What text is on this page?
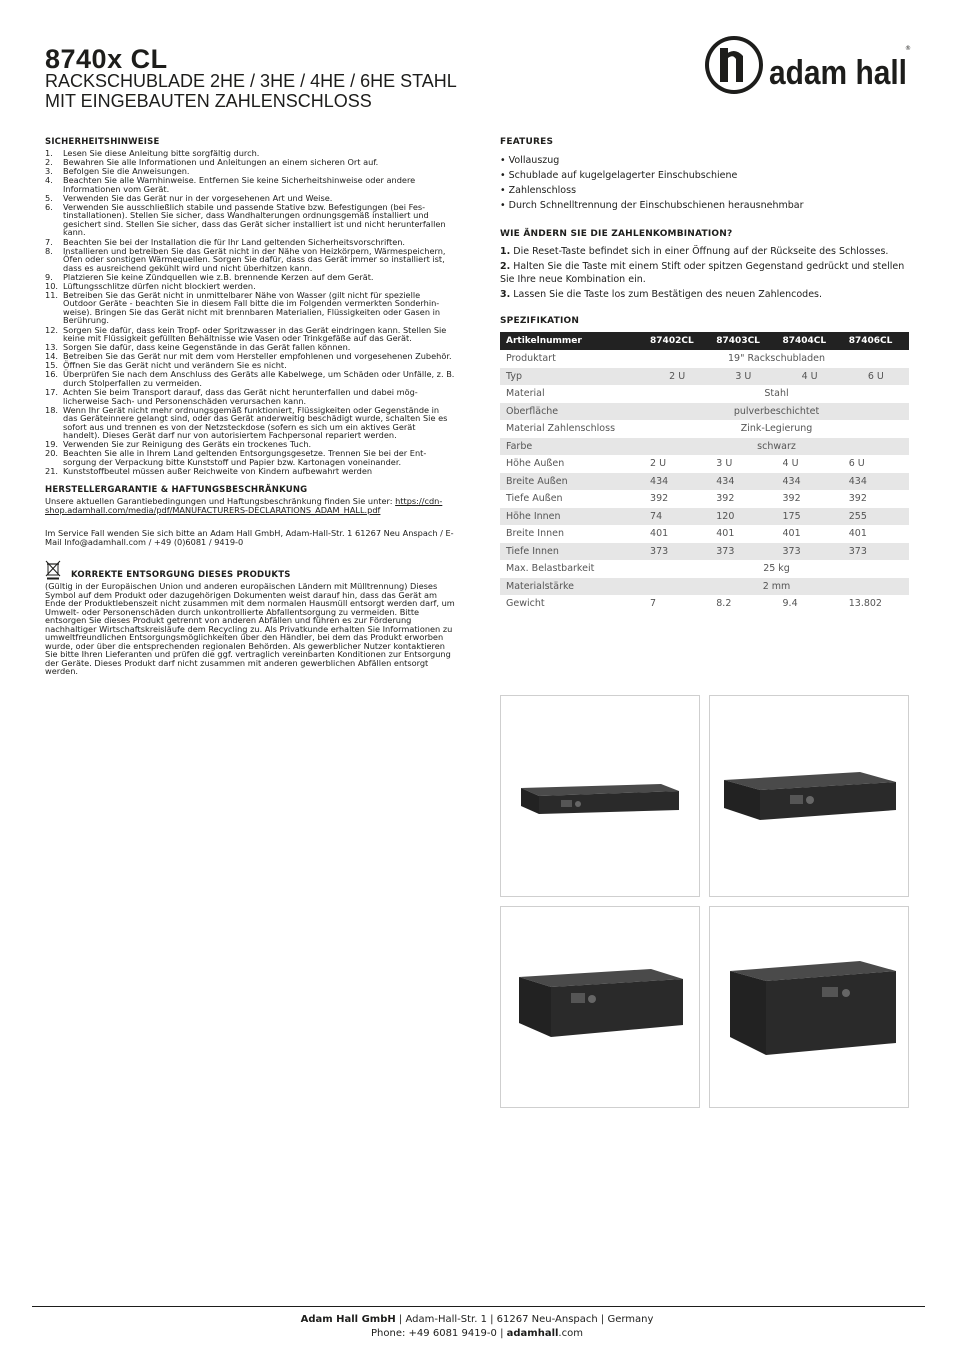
8740x CL
RACKSCHUBLADE 2HE / 3HE / 4HE / 6HE STAHL
MIT EINGEBAUTEN ZAHLENSCHLOSS
adam hall
®
SICHERHEITSHINWEISE
1.	Lesen Sie diese Anleitung bitte sorgfältig durch.
2.	Bewahren Sie alle Informationen und Anleitungen an einem sicheren Ort auf.
3.	Befolgen Sie die Anweisungen.
4.	Beachten Sie alle Warnhinweise. Entfernen Sie keine Sicherheitshinweise oder andere Informationen vom Gerät.
5.	Verwenden Sie das Gerät nur in der vorgesehenen Art und Weise.
6.	Verwenden Sie ausschließlich stabile und passende Stative bzw. Befestigungen (bei Fes-tinstallationen). Stellen Sie sicher, dass Wandhalterungen ordnungsgemäß installiert und gesichert sind. Stellen Sie sicher, dass das Gerät sicher installiert ist und nicht herunterfallen kann.
7.	Beachten Sie bei der Installation die für Ihr Land geltenden Sicherheitsvorschriften.
8.	Installieren und betreiben Sie das Gerät nicht in der Nähe von Heizkörpern, Wärmespeichern, Öfen oder sonstigen Wärmequellen. Sorgen Sie dafür, dass das Gerät immer so installiert ist, dass es ausreichend gekühlt wird und nicht überhitzen kann.
9.	Platzieren Sie keine Zündquellen wie z.B. brennende Kerzen auf dem Gerät.
10. Lüftungsschlitze dürfen nicht blockiert werden.
11. Betreiben Sie das Gerät nicht in unmittelbarer Nähe von Wasser (gilt nicht für spezielle Outdoor Geräte - beachten Sie in diesem Fall bitte die im Folgenden vermerkten Sonderhin-weise). Bringen Sie das Gerät nicht mit brennbaren Materialien, Flüssigkeiten oder Gasen in Berührung.
12. Sorgen Sie dafür, dass kein Tropf- oder Spritzwasser in das Gerät eindringen kann. Stellen Sie keine mit Flüssigkeit gefüllten Behältnisse wie Vasen oder Trinkgefäße auf das Gerät.
13. Sorgen Sie dafür, dass keine Gegenstände in das Gerät fallen können.
14. Betreiben Sie das Gerät nur mit dem vom Hersteller empfohlenen und vorgesehenen Zubehör.
15. Öffnen Sie das Gerät nicht und verändern Sie es nicht.
16. Überprüfen Sie nach dem Anschluss des Geräts alle Kabelwege, um Schäden oder Unfälle, z. B. durch Stolperfallen zu vermeiden.
17. Achten Sie beim Transport darauf, dass das Gerät nicht herunterfallen und dabei mög-licherweise Sach- und Personenschäden verursachen kann.
18. Wenn Ihr Gerät nicht mehr ordnungsgemäß funktioniert, Flüssigkeiten oder Gegenstände in das Geräteinnere gelangt sind, oder das Gerät anderweitig beschädigt wurde, schalten Sie es sofort aus und trennen es von der Netzsteckdose (sofern es sich um ein aktives Gerät handelt). Dieses Gerät darf nur von autorisiertem Fachpersonal repariert werden.
19. Verwenden Sie zur Reinigung des Geräts ein trockenes Tuch.
20. Beachten Sie alle in Ihrem Land geltenden Entsorgungsgesetze. Trennen Sie bei der Ent-sorgung der Verpackung bitte Kunststoff und Papier bzw. Kartonagen voneinander.
21. Kunststoffbeutel müssen außer Reichweite von Kindern aufbewahrt werden
HERSTELLERGARANTIE & HAFTUNGSBESCHRÄNKUNG
Unsere aktuellen Garantiebedingungen und Haftungsbeschränkung finden Sie unter: https://cdn-shop.adamhall.com/media/pdf/MANUFACTURERS-DECLARATIONS_ADAM_HALL.pdf
Im Service Fall wenden Sie sich bitte an Adam Hall GmbH, Adam-Hall-Str. 1 61267 Neu Anspach / E-Mail Info@adamhall.com / +49 (0)6081 / 9419-0
KORREKTE ENTSORGUNG DIESES PRODUKTS
(Gültig in der Europäischen Union und anderen europäischen Ländern mit Mülltrennung) Dieses Symbol auf dem Produkt oder dazugehörigen Dokumenten weist darauf hin, dass das Gerät am Ende der Produktlebenszeit nicht zusammen mit dem normalen Hausmüll entsorgt werden darf, um Umwelt- oder Personenschäden durch unkontrollierte Abfallentsorgung zu vermeiden. Bitte entsorgen Sie dieses Produkt getrennt von anderen Abfällen und führen es zur Förderung nachhaltiger Wirtschaftskreisläufe dem Recycling zu. Als Privatkunde erhalten Sie Informationen zu umweltfreundlichen Entsorgungsmöglichkeiten über den Händler, bei dem das Produkt erworben wurde, oder über die entsprechenden regionalen Behörden. Als gewerblicher Nutzer kontaktieren Sie bitte Ihren Lieferanten und prüfen die ggf. vertraglich vereinbarten Konditionen zur Entsorgung der Geräte. Dieses Produkt darf nicht zusammen mit anderen gewerblichen Abfällen entsorgt werden.
FEATURES
• Vollauszug
• Schublade auf kugelgelagerter Einschubschiene
• Zahlenschloss
• Durch Schnelltrennung der Einschubschienen herausnehmbar
WIE ÄNDERN SIE DIE ZAHLENKOMBINATION?
1. Die Reset-Taste befindet sich in einer Öffnung auf der Rückseite des Schlosses.
2. Halten Sie die Taste mit einem Stift oder spitzen Gegenstand gedrückt und stellen Sie Ihre neue Kombination ein.
3. Lassen Sie die Taste los zum Bestätigen des neuen Zahlencodes.
SPEZIFIKATION
Artikelnummer	87402CL	87403CL	87404CL	87406CL
Produktart	19" Rackschubladen			
Typ	2 U	3 U	4 U	6 U
Material	Stahl			
Oberfläche	pulverbeschichtet			
Material Zahlenschloss	Zink-Legierung			
Farbe	schwarz			
Höhe Außen	2 U	3 U	4 U	6 U
Breite Außen	434	434	434	434
Tiefe Außen	392	392	392	392
Höhe Innen	74	120	175	255
Breite Innen	401	401	401	401
Tiefe Innen	373	373	373	373
Max. Belastbarkeit	25 kg			
Materialstärke	2 mm			
Gewicht	7	8.2	9.4	13.802
Adam Hall GmbH | Adam-Hall-Str. 1 | 61267 Neu-Anspach | Germany
Phone: +49 6081 9419-0 | adamhall.com
